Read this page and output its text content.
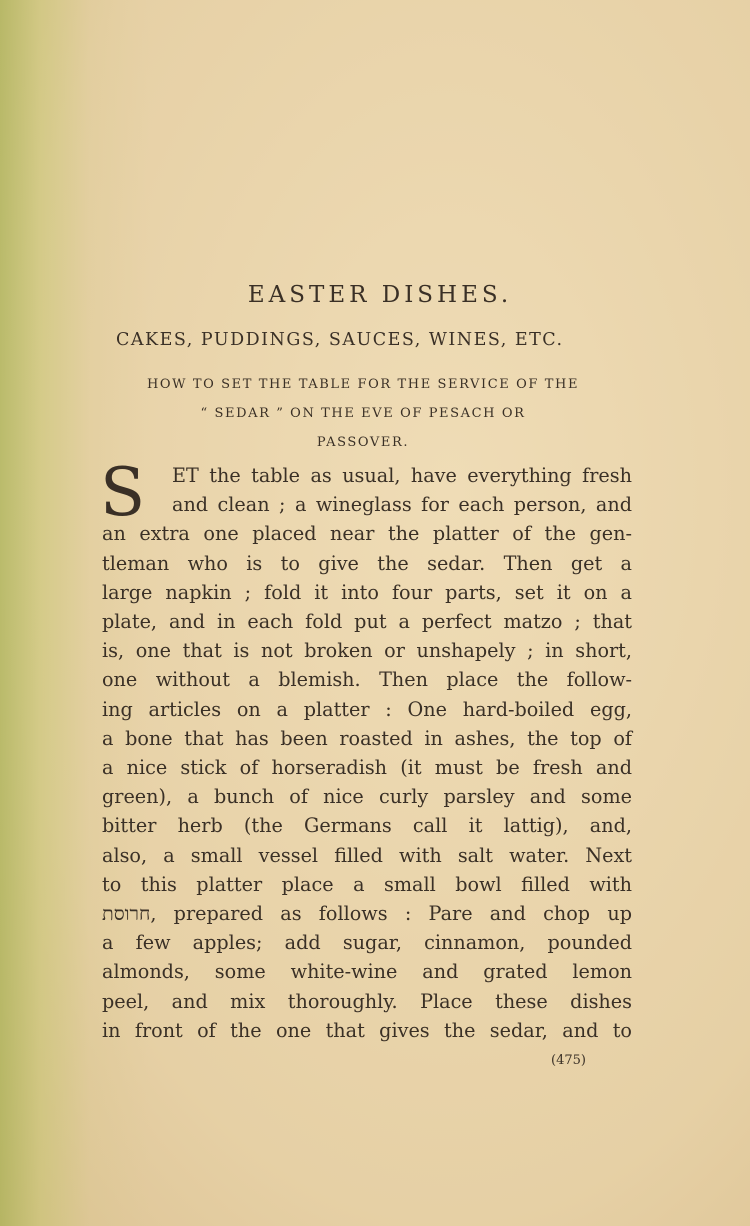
EASTER DISHES.
CAKES, PUDDINGS, SAUCES, WINES, ETC.
HOW TO SET THE TABLE FOR THE SERVICE OF THE
“ SEDAR ” ON THE EVE OF PESACH OR
PASSOVER.
S	ET the table as usual, have everything fresh
and clean ; a wineglass for each person, and
an extra one placed near the platter of the gen-
tleman who is to give the sedar. Then get a
large napkin ; fold it into four parts, set it on a
plate, and in each fold put a perfect matzo ; that
is, one that is not broken or unshapely ; in short,
one without a blemish. Then place the follow-
ing articles on a platter : One hard-boiled egg,
a bone that has been roasted in ashes, the top of
a nice stick of horseradish (it must be fresh and
green), a bunch of nice curly parsley and some
bitter herb (the Germans call it lattig), and,
also, a small vessel filled with salt water. Next
to this platter place a small bowl filled with
חרוסת, prepared as follows : Pare and chop up
a few apples; add sugar, cinnamon, pounded
almonds, some white-wine and grated lemon
peel, and mix thoroughly. Place these dishes
in front of the one that gives the sedar, and to
(475)
